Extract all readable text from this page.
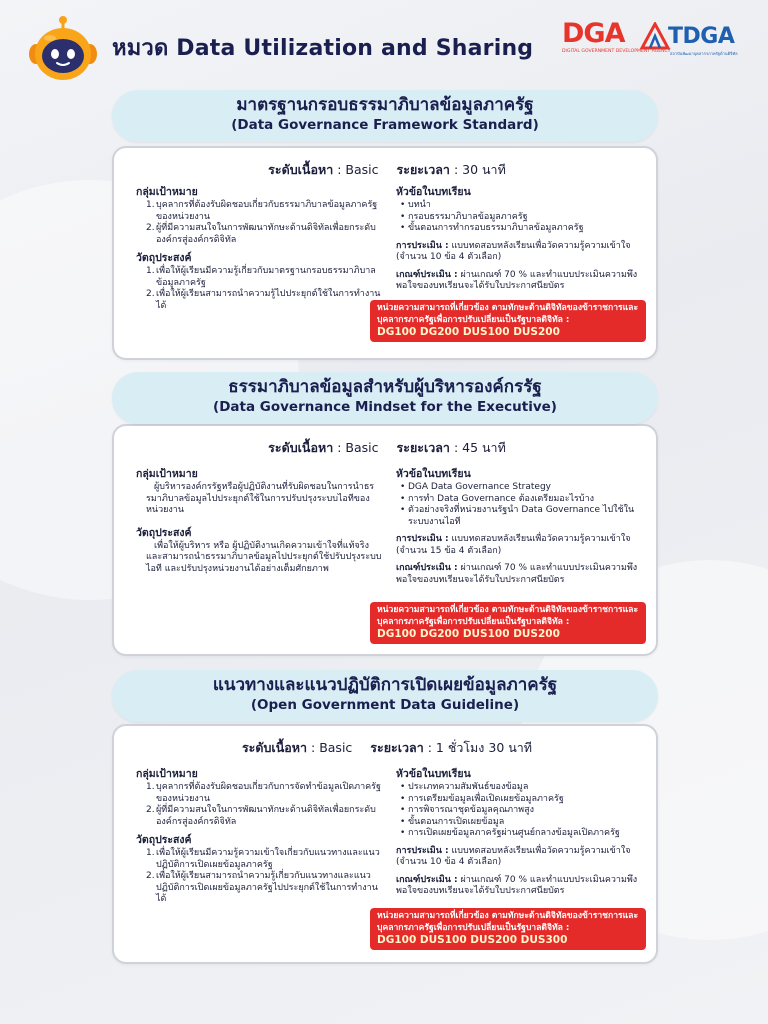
หมวด Data Utilization and Sharing DGA
DIGITAL GOVERNMENT DEVELOPMENT AGENCY
TDGA
สถาบันพัฒนาบุคลากรภาครัฐด้านดิจิทัล
มาตรฐานกรอบธรรมาภิบาลข้อมูลภาครัฐ
(Data Governance Framework Standard)
ระดับเนื้อหา : Basic ระยะเวลา : 30 นาที
กลุ่มเป้าหมาย
1. บุคลากรที่ต้องรับผิดชอบเกี่ยวกับธรรมาภิบาลข้อมูลภาครัฐของหน่วยงาน
2. ผู้ที่มีความสนใจในการพัฒนาทักษะด้านดิจิทัลเพื่อยกระดับองค์กรสู่องค์กรดิจิทัล
วัตถุประสงค์
1. เพื่อให้ผู้เรียนมีความรู้เกี่ยวกับมาตรฐานกรอบธรรมาภิบาลข้อมูลภาครัฐ
2. เพื่อให้ผู้เรียนสามารถนำความรู้ไปประยุกต์ใช้ในการทำงานได้
หัวข้อในบทเรียน
• บทนำ
• กรอบธรรมาภิบาลข้อมูลภาครัฐ
• ขั้นตอนการทำกรอบธรรมาภิบาลข้อมูลภาครัฐ
การประเมิน : แบบทดสอบหลังเรียนเพื่อวัดความรู้ความเข้าใจ (จำนวน 10 ข้อ 4 ตัวเลือก)
เกณฑ์ประเมิน : ผ่านเกณฑ์ 70 % และทำแบบประเมินความพึงพอใจของบทเรียนจะได้รับใบประกาศนียบัตร
หน่วยความสามารถที่เกี่ยวข้อง ตามทักษะด้านดิจิทัลของข้าราชการและบุคลากรภาครัฐเพื่อการปรับเปลี่ยนเป็นรัฐบาลดิจิทัล :
DG100 DG200 DUS100 DUS200
ธรรมาภิบาลข้อมูลสำหรับผู้บริหารองค์กรรัฐ
(Data Governance Mindset for the Executive)
ระดับเนื้อหา : Basic ระยะเวลา : 45 นาที
กลุ่มเป้าหมาย
ผู้บริหารองค์กรรัฐหรือผู้ปฏิบัติงานที่รับผิดชอบในการนำธรรมาภิบาลข้อมูลไปประยุกต์ใช้ในการปรับปรุงระบบไอทีของหน่วยงาน
วัตถุประสงค์
เพื่อให้ผู้บริหาร หรือ ผู้ปฏิบัติงานเกิดความเข้าใจที่แท้จริงและสามารถนำธรรมาภิบาลข้อมูลไปประยุกต์ใช้ปรับปรุงระบบไอที และปรับปรุงหน่วยงานได้อย่างเต็มศักยภาพ
หัวข้อในบทเรียน
• DGA Data Governance Strategy
• การทำ Data Governance ต้องเตรียมอะไรบ้าง
• ตัวอย่างจริงที่หน่วยงานรัฐนำ Data Governance ไปใช้ในระบบงานไอที
การประเมิน : แบบทดสอบหลังเรียนเพื่อวัดความรู้ความเข้าใจ (จำนวน 15 ข้อ 4 ตัวเลือก)
เกณฑ์ประเมิน : ผ่านเกณฑ์ 70 % และทำแบบประเมินความพึงพอใจของบทเรียนจะได้รับใบประกาศนียบัตร
หน่วยความสามารถที่เกี่ยวข้อง ตามทักษะด้านดิจิทัลของข้าราชการและบุคลากรภาครัฐเพื่อการปรับเปลี่ยนเป็นรัฐบาลดิจิทัล :
DG100 DG200 DUS100 DUS200
แนวทางและแนวปฏิบัติการเปิดเผยข้อมูลภาครัฐ
(Open Government Data Guideline)
ระดับเนื้อหา : Basic ระยะเวลา : 1 ชั่วโมง 30 นาที
กลุ่มเป้าหมาย
1. บุคลากรที่ต้องรับผิดชอบเกี่ยวกับการจัดทำข้อมูลเปิดภาครัฐของหน่วยงาน
2. ผู้ที่มีความสนใจในการพัฒนาทักษะด้านดิจิทัลเพื่อยกระดับองค์กรสู่องค์กรดิจิทัล
วัตถุประสงค์
1. เพื่อให้ผู้เรียนมีความรู้ความเข้าใจเกี่ยวกับแนวทางและแนวปฏิบัติการเปิดเผยข้อมูลภาครัฐ
2. เพื่อให้ผู้เรียนสามารถนำความรู้เกี่ยวกับแนวทางและแนวปฏิบัติการเปิดเผยข้อมูลภาครัฐไปประยุกต์ใช้ในการทำงานได้
หัวข้อในบทเรียน
• ประเภทความสัมพันธ์ของข้อมูล
• การเตรียมข้อมูลเพื่อเปิดเผยข้อมูลภาครัฐ
• การพิจารณาชุดข้อมูลคุณภาพสูง
• ขั้นตอนการเปิดเผยข้อมูล
• การเปิดเผยข้อมูลภาครัฐผ่านศูนย์กลางข้อมูลเปิดภาครัฐ
การประเมิน : แบบทดสอบหลังเรียนเพื่อวัดความรู้ความเข้าใจ (จำนวน 10 ข้อ 4 ตัวเลือก)
เกณฑ์ประเมิน : ผ่านเกณฑ์ 70 % และทำแบบประเมินความพึงพอใจของบทเรียนจะได้รับใบประกาศนียบัตร
หน่วยความสามารถที่เกี่ยวข้อง ตามทักษะด้านดิจิทัลของข้าราชการและบุคลากรภาครัฐเพื่อการปรับเปลี่ยนเป็นรัฐบาลดิจิทัล :
DG100 DUS100 DUS200 DUS300
